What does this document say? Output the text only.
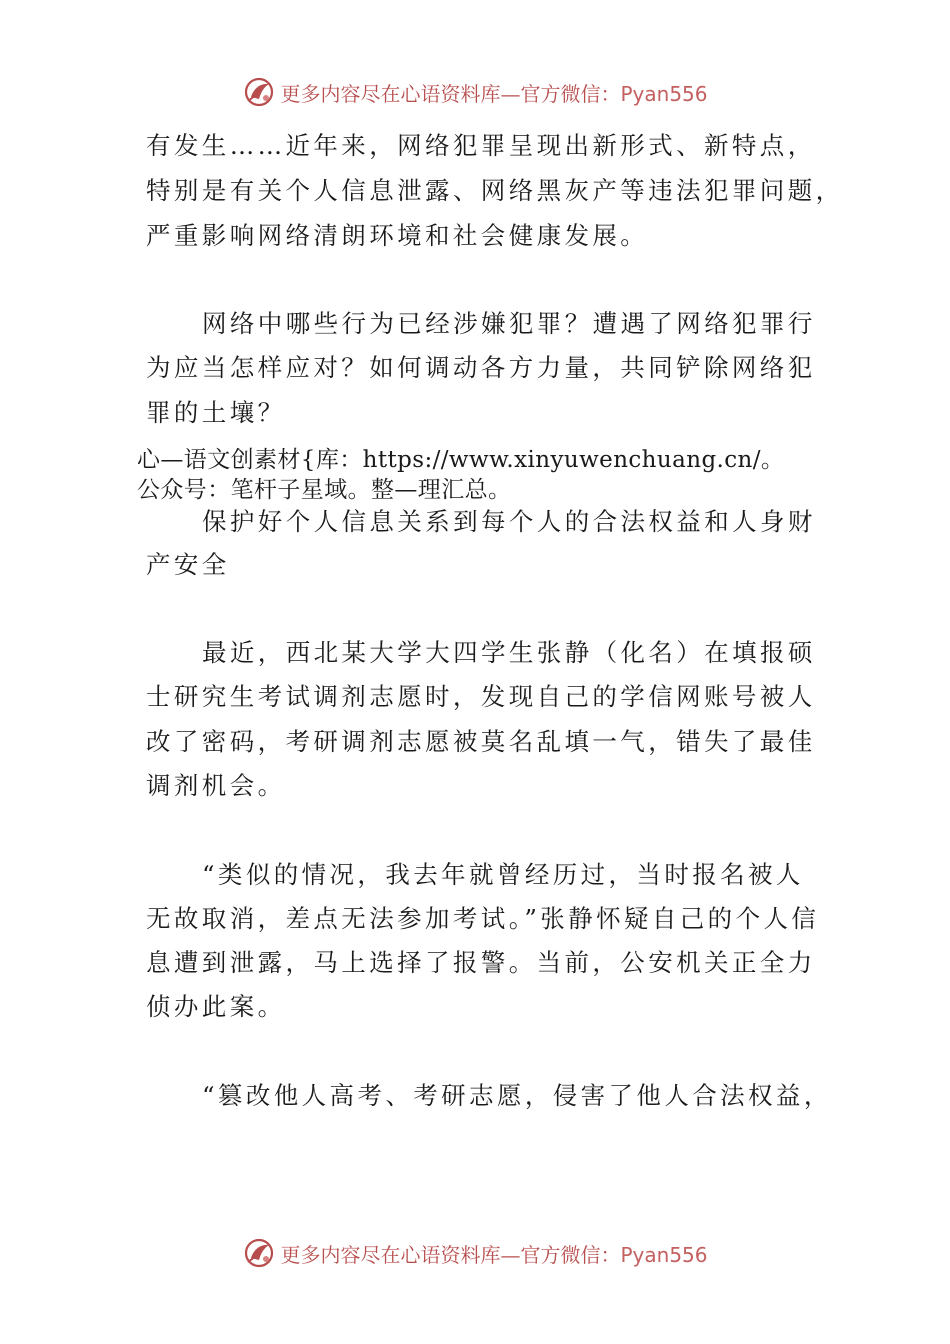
更多内容尽在心语资料库—官方微信：Pyan556
有发生……近年来，网络犯罪呈现出新形式、新特点，
特别是有关个人信息泄露、网络黑灰产等违法犯罪问题，
严重影响网络清朗环境和社会健康发展。
网络中哪些行为已经涉嫌犯罪？遭遇了网络犯罪行
为应当怎样应对？如何调动各方力量，共同铲除网络犯
罪的土壤？
心—语文创素材{库：https://www.xinyuwenchuang.cn/。
公众号：笔杆子星域。整—理汇总。
保护好个人信息关系到每个人的合法权益和人身财
产安全
最近，西北某大学大四学生张静（化名）在填报硕
士研究生考试调剂志愿时，发现自己的学信网账号被人
改了密码，考研调剂志愿被莫名乱填一气，错失了最佳
调剂机会。
“类似的情况，我去年就曾经历过，当时报名被人
无故取消，差点无法参加考试。”张静怀疑自己的个人信
息遭到泄露，马上选择了报警。当前，公安机关正全力
侦办此案。
“篡改他人高考、考研志愿，侵害了他人合法权益，
更多内容尽在心语资料库—官方微信：Pyan556
